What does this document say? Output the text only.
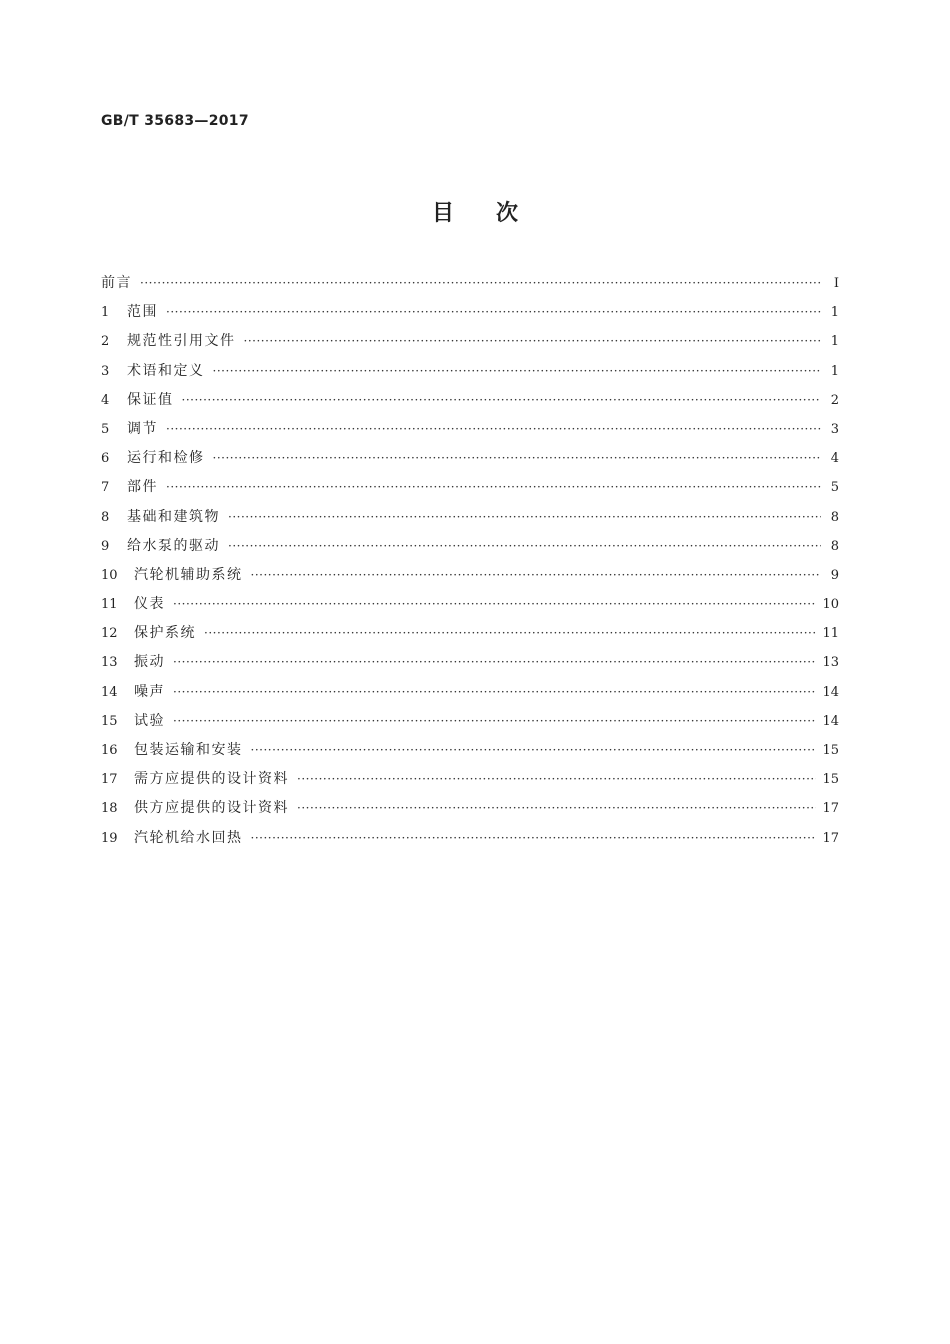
GB/T 35683—2017
目次
前言 ·····	Ⅰ
1	范围 ·····	1
2	规范性引用文件 ·····	1
3	术语和定义 ·····	1
4	保证值 ·····	2
5	调节 ·····	3
6	运行和检修 ·····	4
7	部件 ·····	5
8	基础和建筑物 ·····	8
9	给水泵的驱动 ·····	8
10	汽轮机辅助系统 ·····	9
11	仪表 ·····	10
12	保护系统 ·····	11
13	振动 ·····	13
14	噪声 ·····	14
15	试验 ·····	14
16	包装运输和安装 ·····	15
17	需方应提供的设计资料 ·····	15
18	供方应提供的设计资料 ·····	17
19	汽轮机给水回热 ·····	17
